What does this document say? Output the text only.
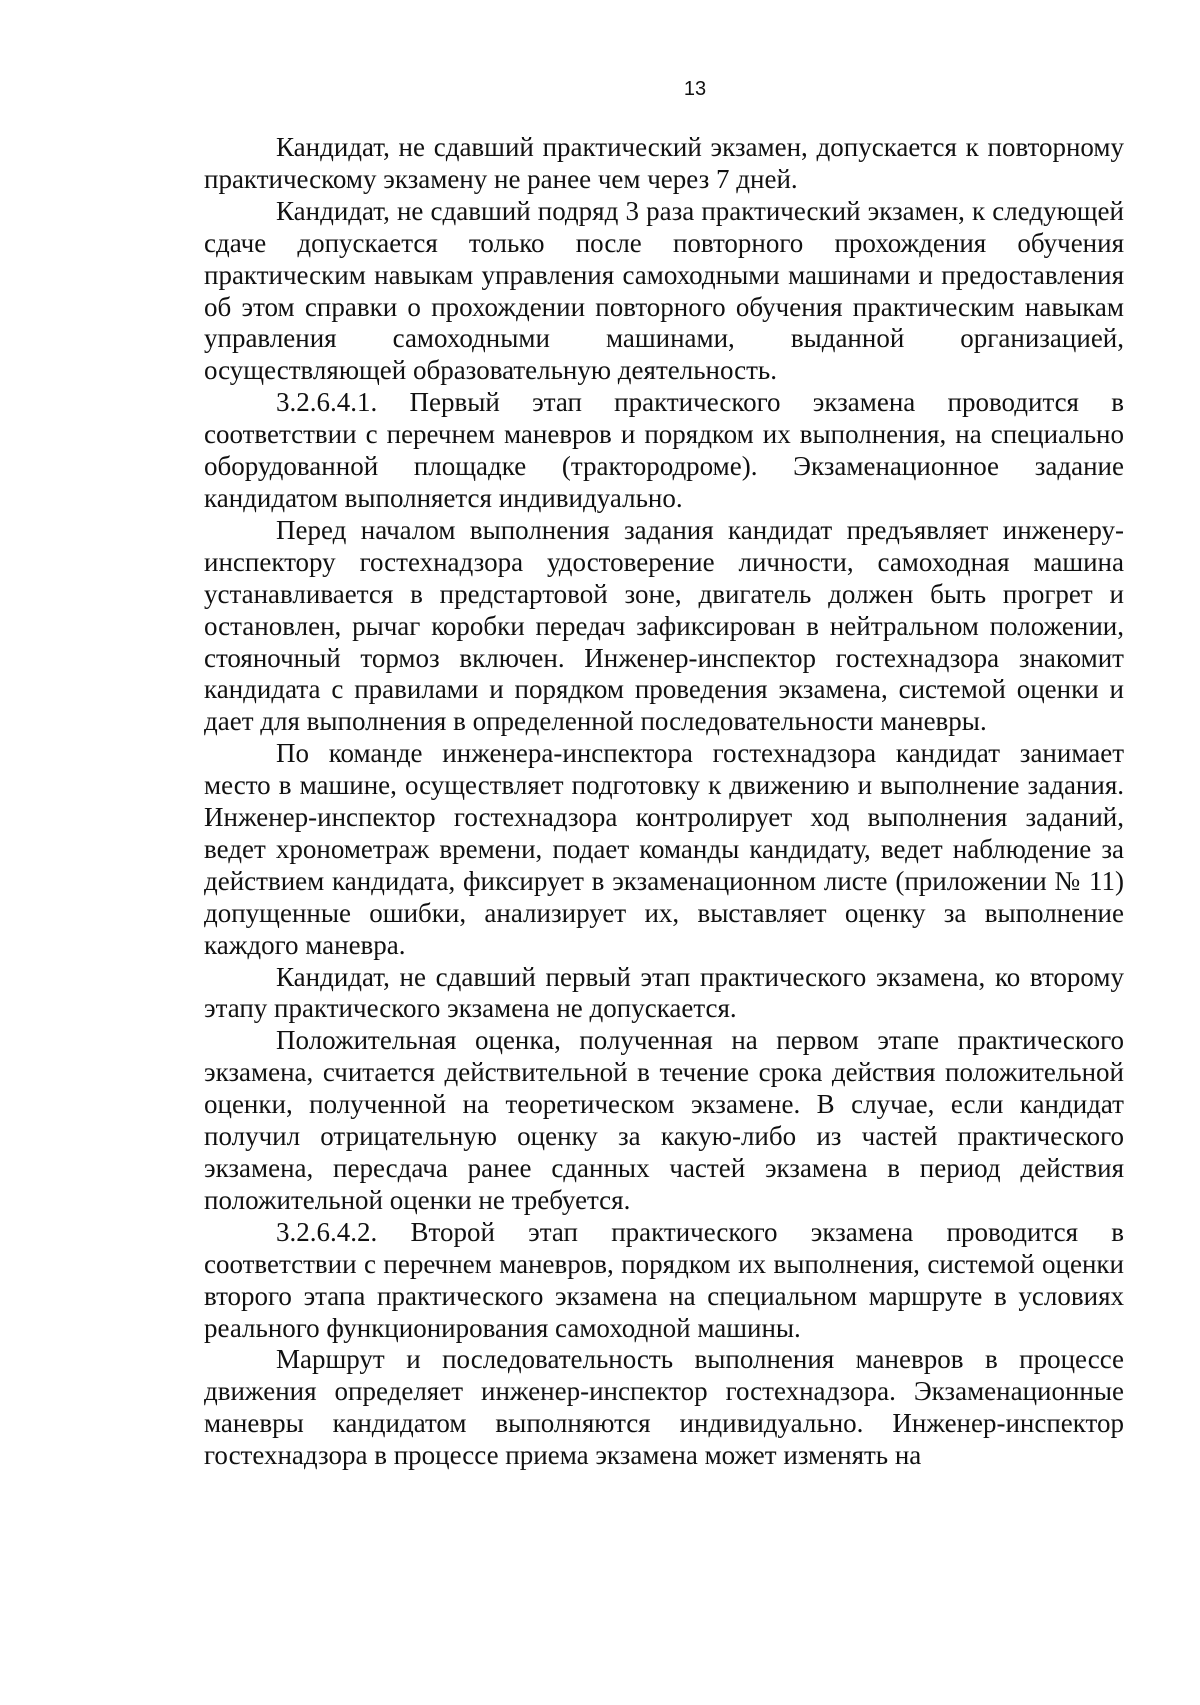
13

Кандидат, не сдавший практический экзамен, допускается к повторному практическому экзамену не ранее чем через 7 дней.

Кандидат, не сдавший подряд 3 раза практический экзамен, к следующей сдаче допускается только после повторного прохождения обучения практическим навыкам управления самоходными машинами и предоставления об этом справки о прохождении повторного обучения практическим навыкам управления самоходными машинами, выданной организацией, осуществляющей образовательную деятельность.

3.2.6.4.1. Первый этап практического экзамена проводится в соответствии с перечнем маневров и порядком их выполнения, на специально оборудованной площадке (трактородроме). Экзаменационное задание кандидатом выполняется индивидуально.

Перед началом выполнения задания кандидат предъявляет инженеру-инспектору гостехнадзора удостоверение личности, самоходная машина устанавливается в предстартовой зоне, двигатель должен быть прогрет и остановлен, рычаг коробки передач зафиксирован в нейтральном положении, стояночный тормоз включен. Инженер-инспектор гостехнадзора знакомит кандидата с правилами и порядком проведения экзамена, системой оценки и дает для выполнения в определенной последовательности маневры.

По команде инженера-инспектора гостехнадзора кандидат занимает место в машине, осуществляет подготовку к движению и выполнение задания. Инженер-инспектор гостехнадзора контролирует ход выполнения заданий, ведет хронометраж времени, подает команды кандидату, ведет наблюдение за действием кандидата, фиксирует в экзаменационном листе (приложении № 11) допущенные ошибки, анализирует их, выставляет оценку за выполнение каждого маневра.

Кандидат, не сдавший первый этап практического экзамена, ко второму этапу практического экзамена не допускается.

Положительная оценка, полученная на первом этапе практического экзамена, считается действительной в течение срока действия положительной оценки, полученной на теоретическом экзамене. В случае, если кандидат получил отрицательную оценку за какую-либо из частей практического экзамена, пересдача ранее сданных частей экзамена в период действия положительной оценки не требуется.

3.2.6.4.2. Второй этап практического экзамена проводится в соответствии с перечнем маневров, порядком их выполнения, системой оценки второго этапа практического экзамена на специальном маршруте в условиях реального функционирования самоходной машины.

Маршрут и последовательность выполнения маневров в процессе движения определяет инженер-инспектор гостехнадзора. Экзаменационные маневры кандидатом выполняются индивидуально. Инженер-инспектор гостехнадзора в процессе приема экзамена может изменять на
